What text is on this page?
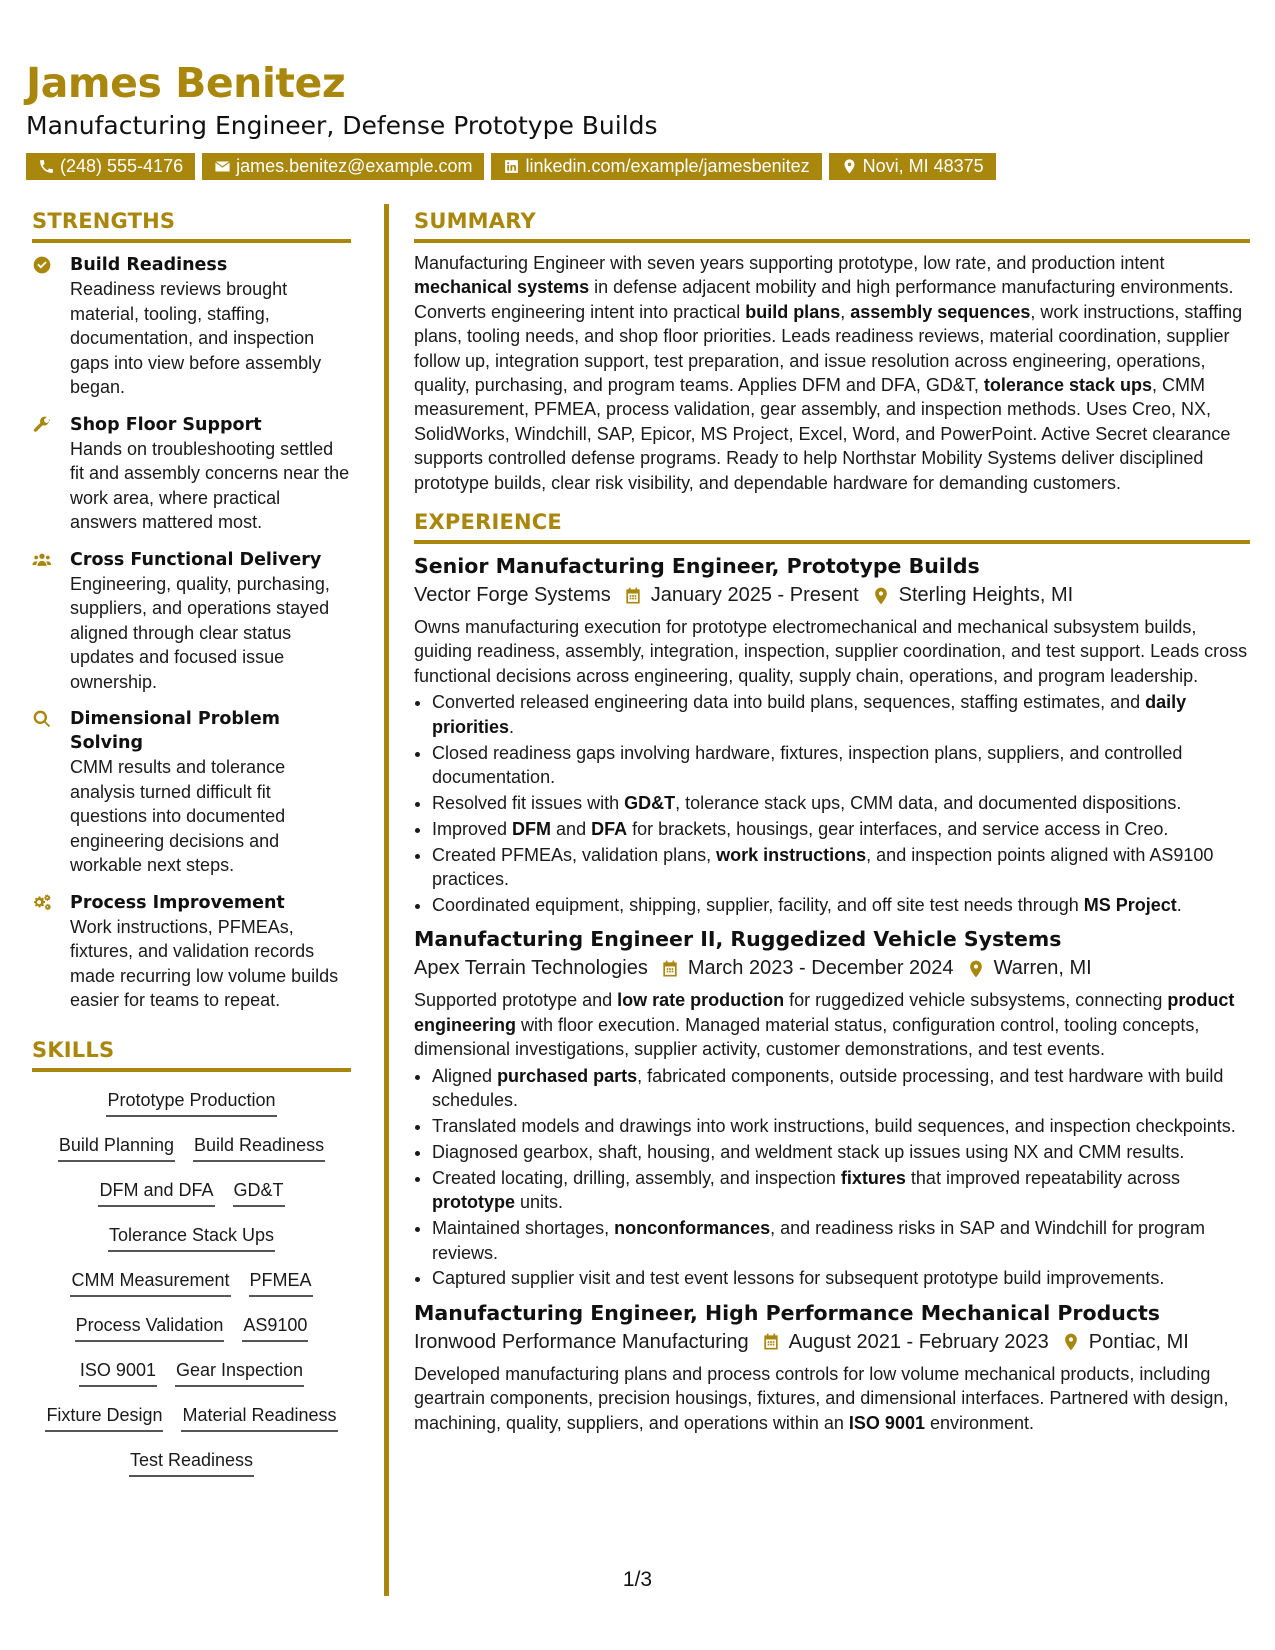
James Benitez
Manufacturing Engineer, Defense Prototype Builds
(248) 555-4176	james.benitez@example.com	linkedin.com/example/jamesbenitez	Novi, MI 48375
STRENGTHS
Build Readiness
Readiness reviews brought material, tooling, staffing, documentation, and inspection gaps into view before assembly began.
Shop Floor Support
Hands on troubleshooting settled fit and assembly concerns near the work area, where practical answers mattered most.
Cross Functional Delivery
Engineering, quality, purchasing, suppliers, and operations stayed aligned through clear status updates and focused issue ownership.
Dimensional Problem Solving
CMM results and tolerance analysis turned difficult fit questions into documented engineering decisions and workable next steps.
Process Improvement
Work instructions, PFMEAs, fixtures, and validation records made recurring low volume builds easier for teams to repeat.
SKILLS
Prototype Production
Build Planning Build Readiness
DFM and DFA GD&T
Tolerance Stack Ups
CMM Measurement PFMEA
Process Validation AS9100
ISO 9001 Gear Inspection
Fixture Design Material Readiness
Test Readiness
SUMMARY
Manufacturing Engineer with seven years supporting prototype, low rate, and production intent mechanical systems in defense adjacent mobility and high performance manufacturing environments. Converts engineering intent into practical build plans, assembly sequences, work instructions, staffing plans, tooling needs, and shop floor priorities. Leads readiness reviews, material coordination, supplier follow up, integration support, test preparation, and issue resolution across engineering, operations, quality, purchasing, and program teams. Applies DFM and DFA, GD&T, tolerance stack ups, CMM measurement, PFMEA, process validation, gear assembly, and inspection methods. Uses Creo, NX, SolidWorks, Windchill, SAP, Epicor, MS Project, Excel, Word, and PowerPoint. Active Secret clearance supports controlled defense programs. Ready to help Northstar Mobility Systems deliver disciplined prototype builds, clear risk visibility, and dependable hardware for demanding customers.
EXPERIENCE
Senior Manufacturing Engineer, Prototype Builds
Vector Forge Systems January 2025 - Present Sterling Heights, MI
Owns manufacturing execution for prototype electromechanical and mechanical subsystem builds, guiding readiness, assembly, integration, inspection, supplier coordination, and test support. Leads cross functional decisions across engineering, quality, supply chain, operations, and program leadership.
• Converted released engineering data into build plans, sequences, staffing estimates, and daily priorities.
• Closed readiness gaps involving hardware, fixtures, inspection plans, suppliers, and controlled documentation.
• Resolved fit issues with GD&T, tolerance stack ups, CMM data, and documented dispositions.
• Improved DFM and DFA for brackets, housings, gear interfaces, and service access in Creo.
• Created PFMEAs, validation plans, work instructions, and inspection points aligned with AS9100 practices.
• Coordinated equipment, shipping, supplier, facility, and off site test needs through MS Project.
Manufacturing Engineer II, Ruggedized Vehicle Systems
Apex Terrain Technologies March 2023 - December 2024 Warren, MI
Supported prototype and low rate production for ruggedized vehicle subsystems, connecting product engineering with floor execution. Managed material status, configuration control, tooling concepts, dimensional investigations, supplier activity, customer demonstrations, and test events.
• Aligned purchased parts, fabricated components, outside processing, and test hardware with build schedules.
• Translated models and drawings into work instructions, build sequences, and inspection checkpoints.
• Diagnosed gearbox, shaft, housing, and weldment stack up issues using NX and CMM results.
• Created locating, drilling, assembly, and inspection fixtures that improved repeatability across prototype units.
• Maintained shortages, nonconformances, and readiness risks in SAP and Windchill for program reviews.
• Captured supplier visit and test event lessons for subsequent prototype build improvements.
Manufacturing Engineer, High Performance Mechanical Products
Ironwood Performance Manufacturing August 2021 - February 2023 Pontiac, MI
Developed manufacturing plans and process controls for low volume mechanical products, including geartrain components, precision housings, fixtures, and dimensional interfaces. Partnered with design, machining, quality, suppliers, and operations within an ISO 9001 environment.
1/3
